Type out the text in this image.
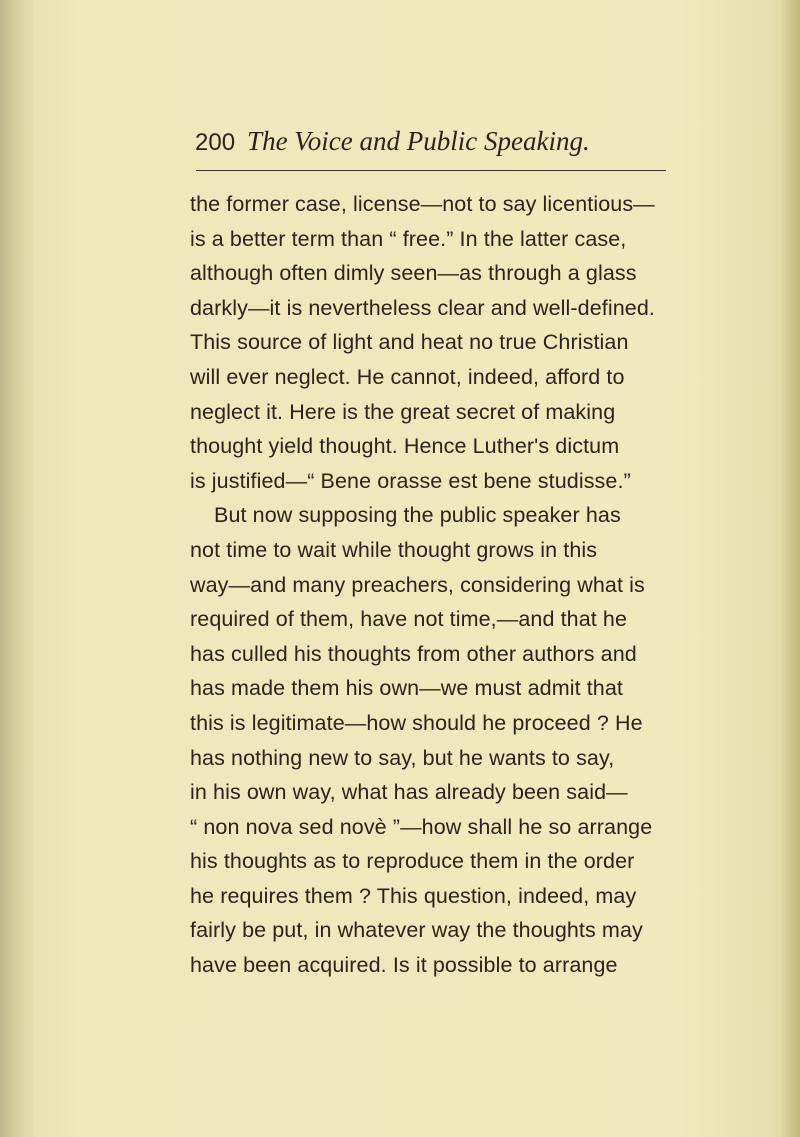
200 The Voice and Public Speaking.
the former case, license—not to say licentious—
is a better term than “ free.” In the latter case,
although often dimly seen—as through a glass
darkly—it is nevertheless clear and well-defined.
This source of light and heat no true Christian
will ever neglect. He cannot, indeed, afford to
neglect it. Here is the great secret of making
thought yield thought. Hence Luther's dictum
is justified—“ Bene orasse est bene studisse.”
But now supposing the public speaker has
not time to wait while thought grows in this
way—and many preachers, considering what is
required of them, have not time,—and that he
has culled his thoughts from other authors and
has made them his own—we must admit that
this is legitimate—how should he proceed ? He
has nothing new to say, but he wants to say,
in his own way, what has already been said—
“ non nova sed novè ”—how shall he so arrange
his thoughts as to reproduce them in the order
he requires them ? This question, indeed, may
fairly be put, in whatever way the thoughts may
have been acquired. Is it possible to arrange
